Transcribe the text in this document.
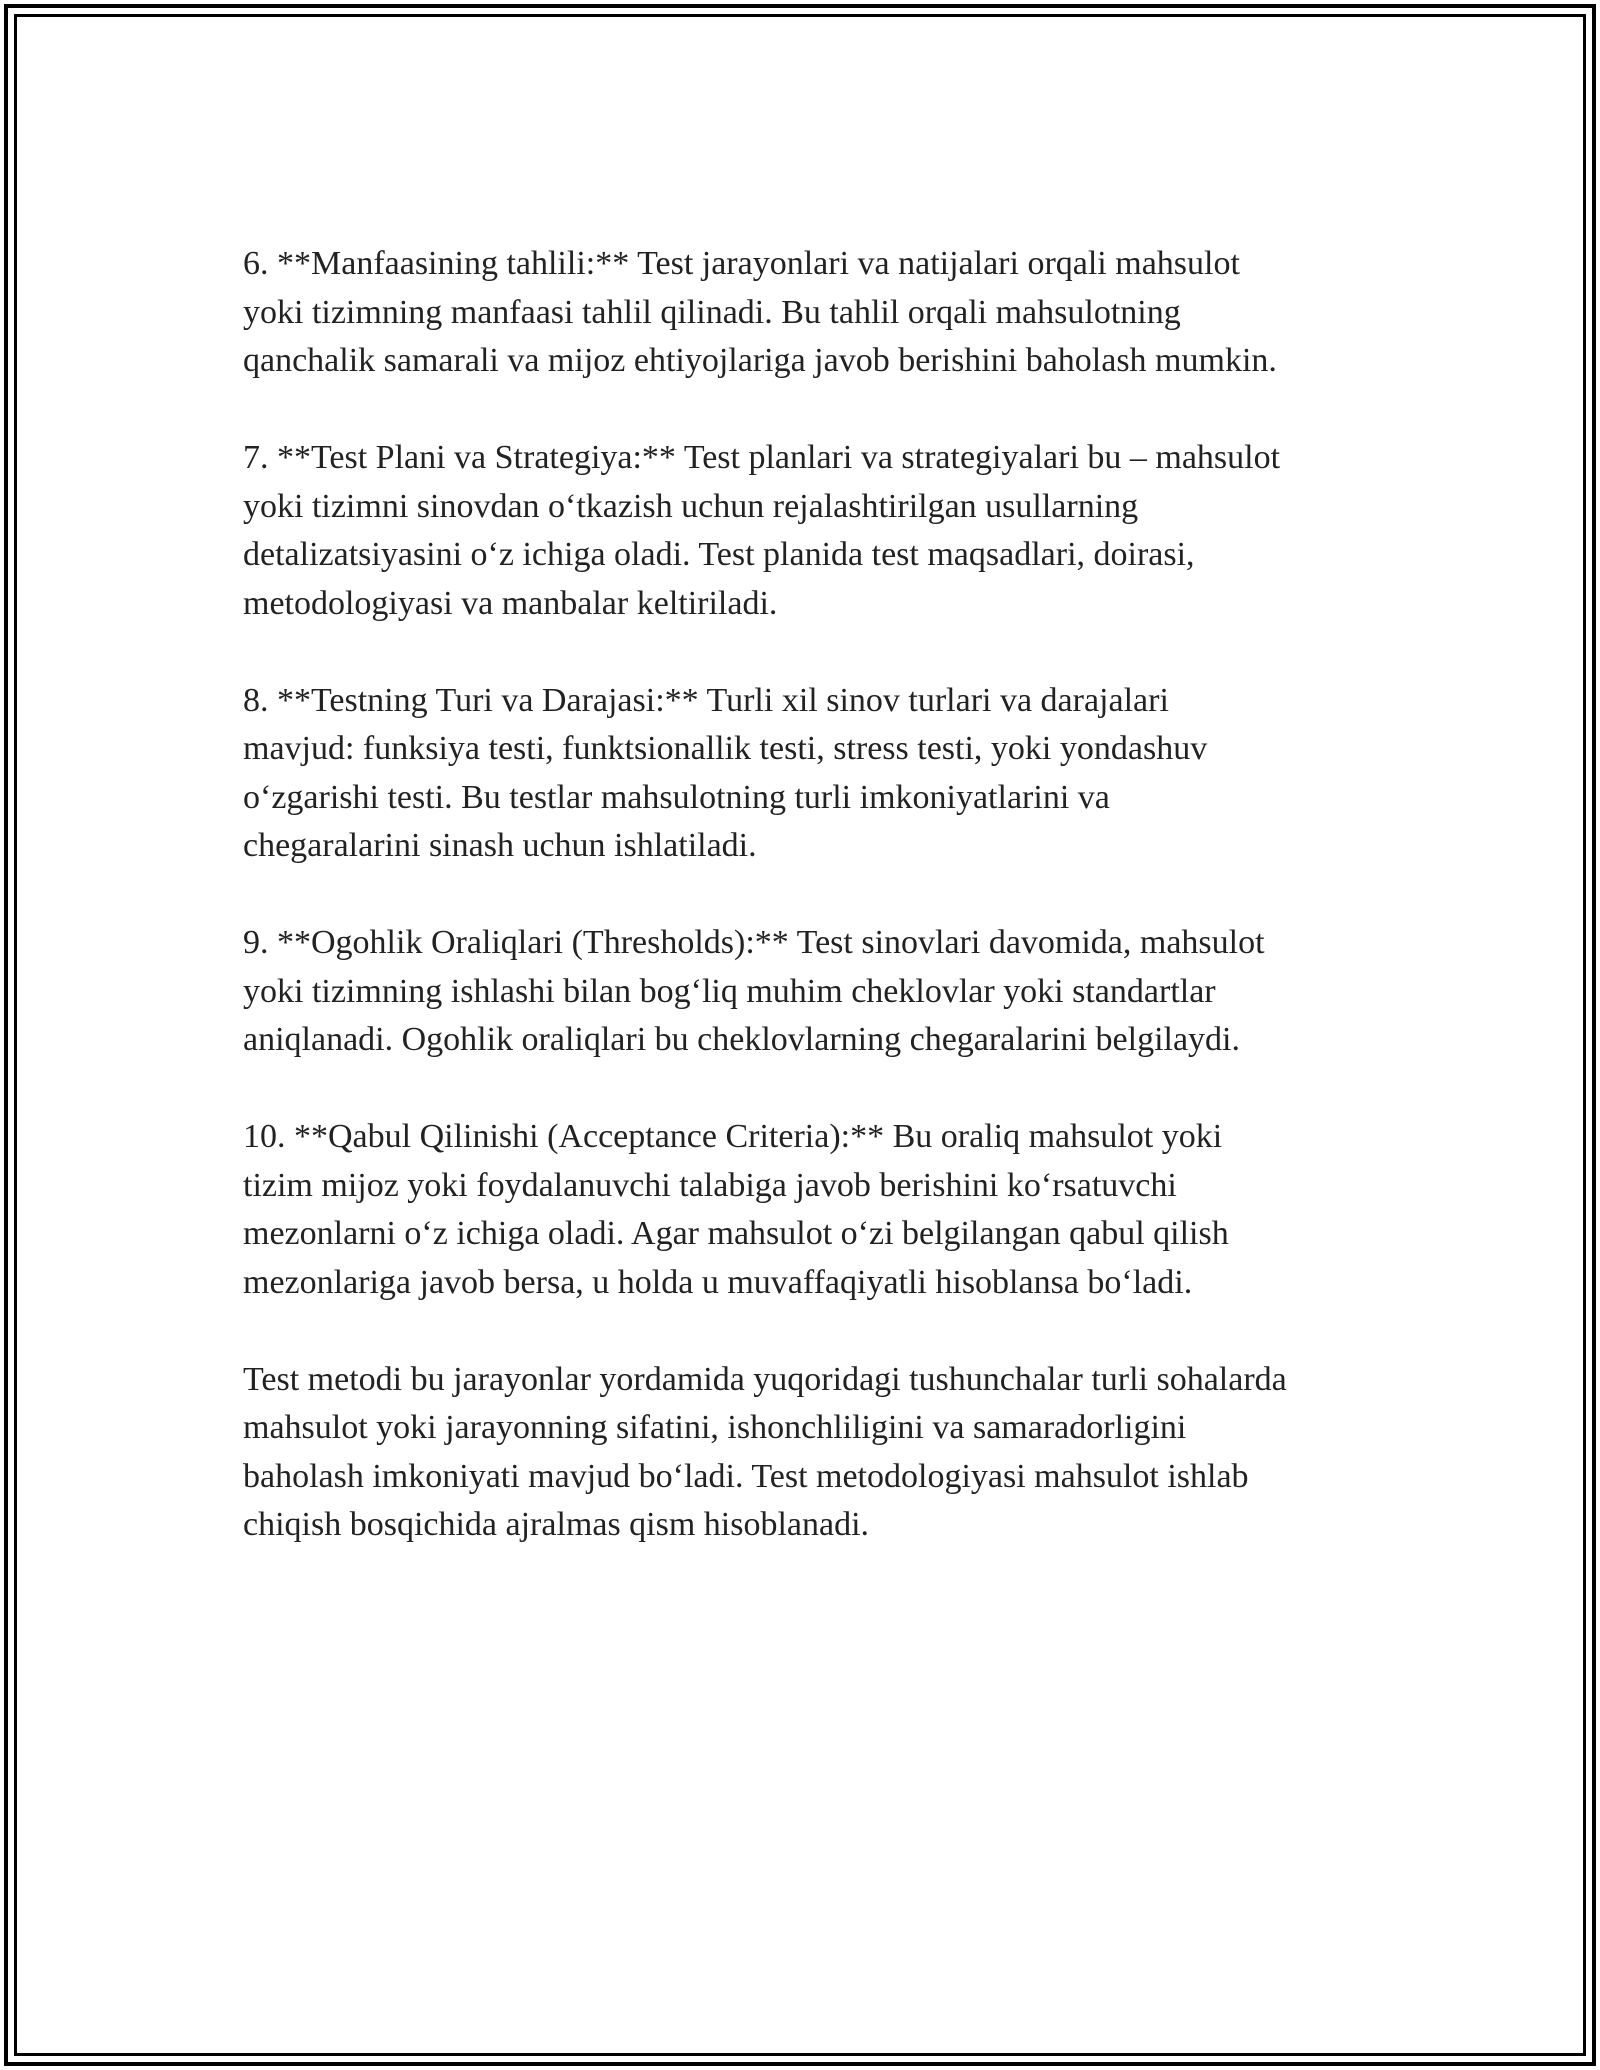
6. **Manfaasining tahlili:** Test jarayonlari va natijalari orqali mahsulot
yoki tizimning manfaasi tahlil qilinadi. Bu tahlil orqali mahsulotning
qanchalik samarali va mijoz ehtiyojlariga javob berishini baholash mumkin.

7. **Test Plani va Strategiya:** Test planlari va strategiyalari bu – mahsulot
yoki tizimni sinovdan o‘tkazish uchun rejalashtirilgan usullarning
detalizatsiyasini o‘z ichiga oladi. Test planida test maqsadlari, doirasi,
metodologiyasi va manbalar keltiriladi.

8. **Testning Turi va Darajasi:** Turli xil sinov turlari va darajalari
mavjud: funksiya testi, funktsionallik testi, stress testi, yoki yondashuv
o‘zgarishi testi. Bu testlar mahsulotning turli imkoniyatlarini va
chegaralarini sinash uchun ishlatiladi.

9. **Ogohlik Oraliqlari (Thresholds):** Test sinovlari davomida, mahsulot
yoki tizimning ishlashi bilan bog‘liq muhim cheklovlar yoki standartlar
aniqlanadi. Ogohlik oraliqlari bu cheklovlarning chegaralarini belgilaydi.

10. **Qabul Qilinishi (Acceptance Criteria):** Bu oraliq mahsulot yoki
tizim mijoz yoki foydalanuvchi talabiga javob berishini ko‘rsatuvchi
mezonlarni o‘z ichiga oladi. Agar mahsulot o‘zi belgilangan qabul qilish
mezonlariga javob bersa, u holda u muvaffaqiyatli hisoblansa bo‘ladi.

Test metodi bu jarayonlar yordamida yuqoridagi tushunchalar turli sohalarda
mahsulot yoki jarayonning sifatini, ishonchliligini va samaradorligini
baholash imkoniyati mavjud bo‘ladi. Test metodologiyasi mahsulot ishlab
chiqish bosqichida ajralmas qism hisoblanadi.
